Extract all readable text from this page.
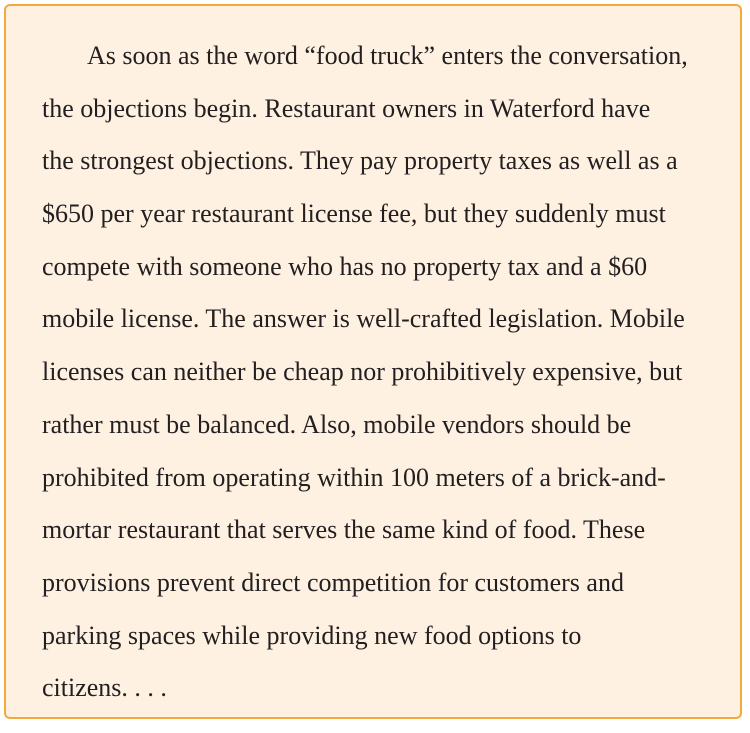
As soon as the word “food truck” enters the conversation,
the objections begin. Restaurant owners in Waterford have
the strongest objections. They pay property taxes as well as a
$650 per year restaurant license fee, but they suddenly must
compete with someone who has no property tax and a $60
mobile license. The answer is well-crafted legislation. Mobile
licenses can neither be cheap nor prohibitively expensive, but
rather must be balanced. Also, mobile vendors should be
prohibited from operating within 100 meters of a brick-and-
mortar restaurant that serves the same kind of food. These
provisions prevent direct competition for customers and
parking spaces while providing new food options to
citizens. . . .
